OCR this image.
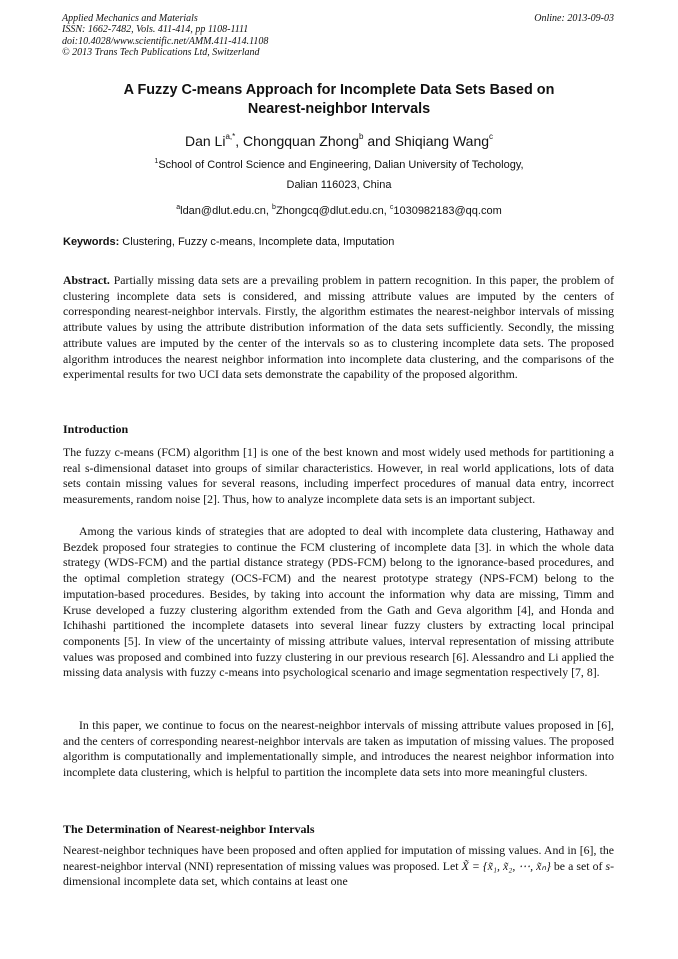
Applied Mechanics and Materials
ISSN: 1662-7482, Vols. 411-414, pp 1108-1111
doi:10.4028/www.scientific.net/AMM.411-414.1108
© 2013 Trans Tech Publications Ltd, Switzerland
Online: 2013-09-03
A Fuzzy C-means Approach for Incomplete Data Sets Based on
Nearest-neighbor Intervals
Dan $Li^{a,*}$, Chongquan Zhong$^b$ and Shiqiang Wang$^c$
$^1$School of Control Science and Engineering, Dalian University of Techology,
Dalian 116023, China
$^a$ldan@dlut.edu.cn, $^b$Zhongcq@dlut.edu.cn, $^c$1030982183@qq.com
Keywords: Clustering, Fuzzy c-means, Incomplete data, Imputation

Abstract. Partially missing data sets are a prevailing problem in pattern recognition. In this paper, the problem of clustering incomplete data sets is considered, and missing attribute values are imputed by the centers of corresponding nearest-neighbor intervals. Firstly, the algorithm estimates the nearest-neighbor intervals of missing attribute values by using the attribute distribution information of the data sets sufficiently. Secondly, the missing attribute values are imputed by the center of the intervals so as to clustering incomplete data sets. The proposed algorithm introduces the nearest neighbor information into incomplete data clustering, and the comparisons of the experimental results for two UCI data sets demonstrate the capability of the proposed algorithm.

Introduction

The fuzzy c-means (FCM) algorithm [1] is one of the best known and most widely used methods for partitioning a real s-dimensional dataset into groups of similar characteristics. However, in real world applications, lots of data sets contain missing values for several reasons, including imperfect procedures of manual data entry, incorrect measurements, random noise [2]. Thus, how to analyze incomplete data sets is an important subject.

Among the various kinds of strategies that are adopted to deal with incomplete data clustering, Hathaway and Bezdek proposed four strategies to continue the FCM clustering of incomplete data [3]. in which the whole data strategy (WDS-FCM) and the partial distance strategy (PDS-FCM) belong to the ignorance-based procedures, and the optimal completion strategy (OCS-FCM) and the nearest prototype strategy (NPS-FCM) belong to the imputation-based procedures. Besides, by taking into account the information why data are missing, Timm and Kruse developed a fuzzy clustering algorithm extended from the Gath and Geva algorithm [4], and Honda and Ichihashi partitioned the incomplete datasets into several linear fuzzy clusters by extracting local principal components [5]. In view of the uncertainty of missing attribute values, interval representation of missing attribute values was proposed and combined into fuzzy clustering in our previous research [6]. Alessandro and Li applied the missing data analysis with fuzzy c-means into psychological scenario and image segmentation respectively [7, 8].

In this paper, we continue to focus on the nearest-neighbor intervals of missing attribute values proposed in [6], and the centers of corresponding nearest-neighbor intervals are taken as imputation of missing values. The proposed algorithm is computationally and implementationally simple, and introduces the nearest neighbor information into incomplete data clustering, which is helpful to partition the incomplete data sets into more meaningful clusters.

The Determination of Nearest-neighbor Intervals

Nearest-neighbor techniques have been proposed and often applied for imputation of missing values. And in [6], the nearest-neighbor interval (NNI) representation of missing values was proposed. Let X̃ = {x̃₁, x̃₂, ⋯, x̃ₙ} be a set of s-dimensional incomplete data set, which contains at least one
